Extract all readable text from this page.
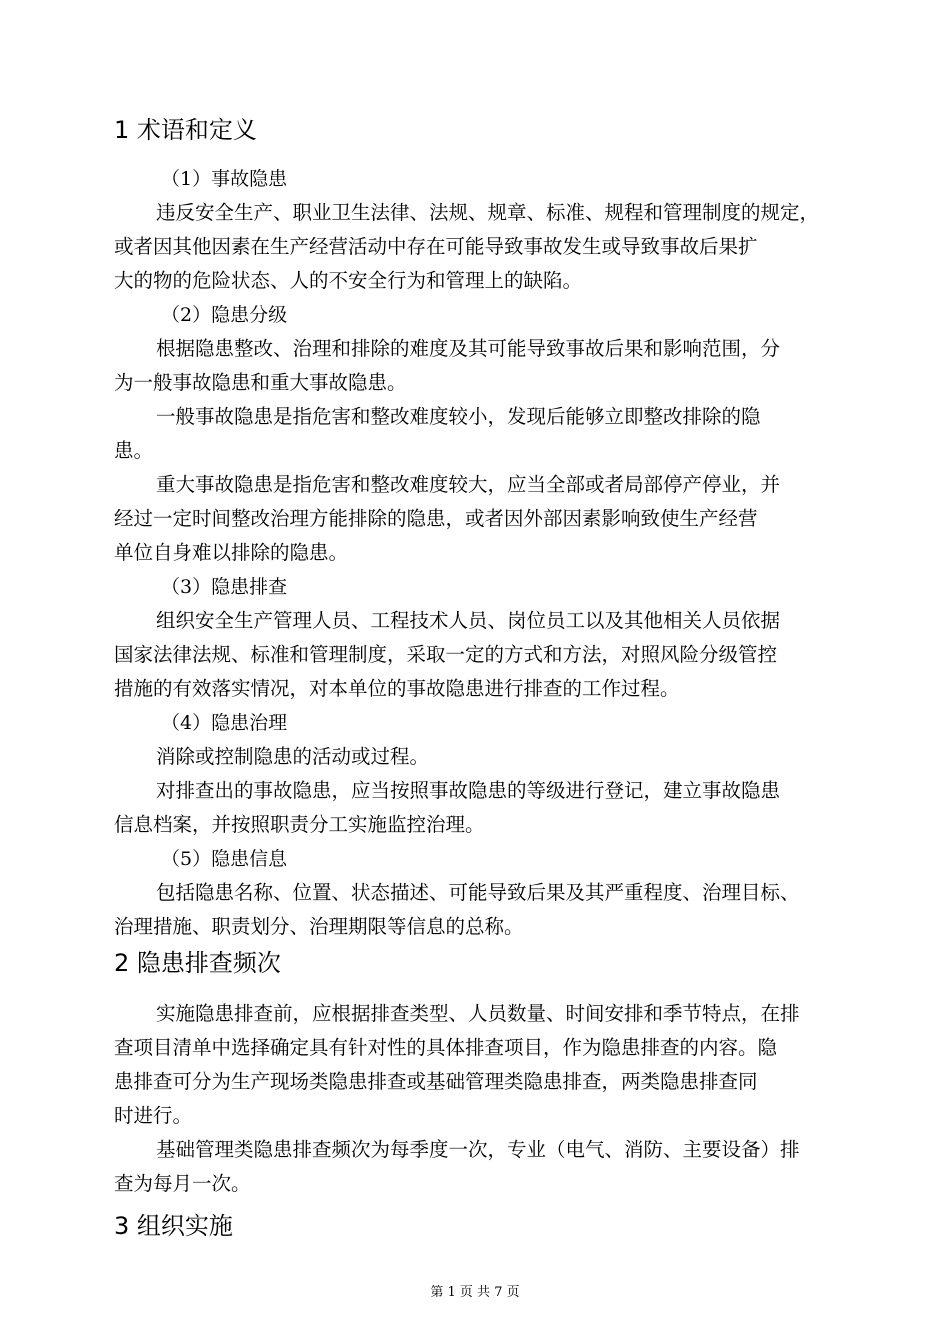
1 术语和定义

（1）事故隐患

违反安全生产、职业卫生法律、法规、规章、标准、规程和管理制度的规定，
或者因其他因素在生产经营活动中存在可能导致事故发生或导致事故后果扩
大的物的危险状态、人的不安全行为和管理上的缺陷。

（2）隐患分级

根据隐患整改、治理和排除的难度及其可能导致事故后果和影响范围，分
为一般事故隐患和重大事故隐患。

一般事故隐患是指危害和整改难度较小，发现后能够立即整改排除的隐
患。

重大事故隐患是指危害和整改难度较大，应当全部或者局部停产停业，并
经过一定时间整改治理方能排除的隐患，或者因外部因素影响致使生产经营
单位自身难以排除的隐患。

（3）隐患排查

组织安全生产管理人员、工程技术人员、岗位员工以及其他相关人员依据
国家法律法规、标准和管理制度，采取一定的方式和方法，对照风险分级管控
措施的有效落实情况，对本单位的事故隐患进行排查的工作过程。

（4）隐患治理

消除或控制隐患的活动或过程。

对排查出的事故隐患，应当按照事故隐患的等级进行登记，建立事故隐患
信息档案，并按照职责分工实施监控治理。

（5）隐患信息

包括隐患名称、位置、状态描述、可能导致后果及其严重程度、治理目标、
治理措施、职责划分、治理期限等信息的总称。

2 隐患排查频次

实施隐患排查前，应根据排查类型、人员数量、时间安排和季节特点，在排
查项目清单中选择确定具有针对性的具体排查项目，作为隐患排查的内容。隐
患排查可分为生产现场类隐患排查或基础管理类隐患排查，两类隐患排查同
时进行。

基础管理类隐患排查频次为每季度一次，专业（电气、消防、主要设备）排
查为每月一次。

3 组织实施
第 1 页 共 7 页
